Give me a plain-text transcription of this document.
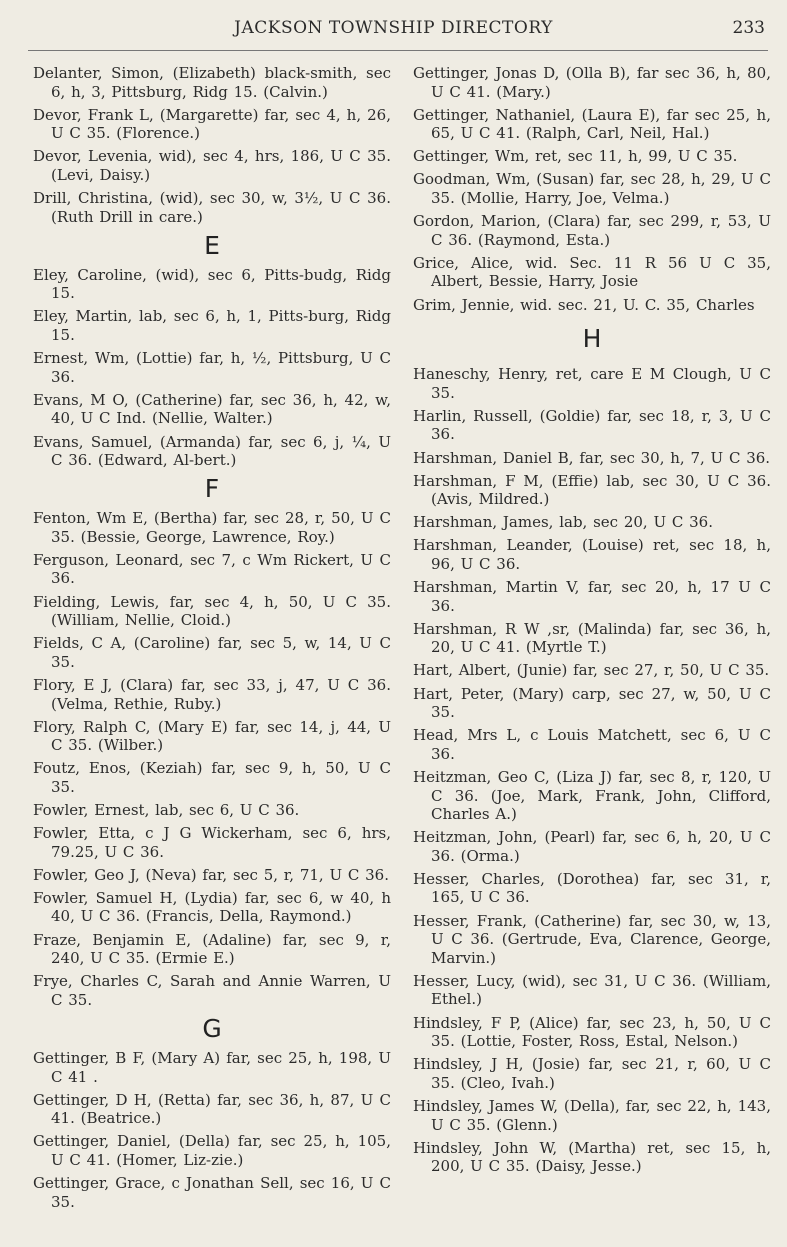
JACKSON TOWNSHIP DIRECTORY	233

Delanter, Simon, (Elizabeth) black-smith, sec 6, h, 3, Pittsburg, Ridg 15. (Calvin.)

Devor, Frank L, (Margarette) far, sec 4, h, 26, U C 35. (Florence.)

Devor, Levenia, wid), sec 4, hrs, 186, U C 35. (Levi, Daisy.)

Drill, Christina, (wid), sec 30, w, 3½, U C 36. (Ruth Drill in care.)

E

Eley, Caroline, (wid), sec 6, Pitts-budg, Ridg 15.

Eley, Martin, lab, sec 6, h, 1, Pitts-burg, Ridg 15.

Ernest, Wm, (Lottie) far, h, ½, Pittsburg, U C 36.

Evans, M O, (Catherine) far, sec 36, h, 42, w, 40, U C Ind. (Nellie, Walter.)

Evans, Samuel, (Armanda) far, sec 6, j, ¼, U C 36. (Edward, Al-bert.)

F

Fenton, Wm E, (Bertha) far, sec 28, r, 50, U C 35. (Bessie, George, Lawrence, Roy.)

Ferguson, Leonard, sec 7, c Wm Rickert, U C 36.

Fielding, Lewis, far, sec 4, h, 50, U C 35. (William, Nellie, Cloid.)

Fields, C A, (Caroline) far, sec 5, w, 14, U C 35.

Flory, E J, (Clara) far, sec 33, j, 47, U C 36. (Velma, Rethie, Ruby.)

Flory, Ralph C, (Mary E) far, sec 14, j, 44, U C 35. (Wilber.)

Foutz, Enos, (Keziah) far, sec 9, h, 50, U C 35.

Fowler, Ernest, lab, sec 6, U C 36.

Fowler, Etta, c J G Wickerham, sec 6, hrs, 79.25, U C 36.

Fowler, Geo J, (Neva) far, sec 5, r, 71, U C 36.

Fowler, Samuel H, (Lydia) far, sec 6, w 40, h 40, U C 36. (Francis, Della, Raymond.)

Fraze, Benjamin E, (Adaline) far, sec 9, r, 240, U C 35. (Ermie E.)

Frye, Charles C, Sarah and Annie Warren, U C 35.

G

Gettinger, B F, (Mary A) far, sec 25, h, 198, U C 41 .

Gettinger, D H, (Retta) far, sec 36, h, 87, U C 41. (Beatrice.)

Gettinger, Daniel, (Della) far, sec 25, h, 105, U C 41. (Homer, Liz-zie.)

Gettinger, Grace, c Jonathan Sell, sec 16, U C 35.

Gettinger, Jonas D, (Olla B), far sec 36, h, 80, U C 41. (Mary.)

Gettinger, Nathaniel, (Laura E), far sec 25, h, 65, U C 41. (Ralph, Carl, Neil, Hal.)

Gettinger, Wm, ret, sec 11, h, 99, U C 35.

Goodman, Wm, (Susan) far, sec 28, h, 29, U C 35. (Mollie, Harry, Joe, Velma.)

Gordon, Marion, (Clara) far, sec 299, r, 53, U C 36. (Raymond, Esta.)

Grice, Alice, wid. Sec. 11 R 56 U C 35, Albert, Bessie, Harry, Josie

Grim, Jennie, wid. sec. 21, U. C. 35, Charles

H

Haneschy, Henry, ret, care E M Clough, U C 35.

Harlin, Russell, (Goldie) far, sec 18, r, 3, U C 36.

Harshman, Daniel B, far, sec 30, h, 7, U C 36.

Harshman, F M, (Effie) lab, sec 30, U C 36. (Avis, Mildred.)

Harshman, James, lab, sec 20, U C 36.

Harshman, Leander, (Louise) ret, sec 18, h, 96, U C 36.

Harshman, Martin V, far, sec 20, h, 17 U C 36.

Harshman, R W ,sr, (Malinda) far, sec 36, h, 20, U C 41. (Myrtle T.)

Hart, Albert, (Junie) far, sec 27, r, 50, U C 35.

Hart, Peter, (Mary) carp, sec 27, w, 50, U C 35.

Head, Mrs L, c Louis Matchett, sec 6, U C 36.

Heitzman, Geo C, (Liza J) far, sec 8, r, 120, U C 36. (Joe, Mark, Frank, John, Clifford, Charles A.)

Heitzman, John, (Pearl) far, sec 6, h, 20, U C 36. (Orma.)

Hesser, Charles, (Dorothea) far, sec 31, r, 165, U C 36.

Hesser, Frank, (Catherine) far, sec 30, w, 13, U C 36. (Gertrude, Eva, Clarence, George, Marvin.)

Hesser, Lucy, (wid), sec 31, U C 36. (William, Ethel.)

Hindsley, F P, (Alice) far, sec 23, h, 50, U C 35. (Lottie, Foster, Ross, Estal, Nelson.)

Hindsley, J H, (Josie) far, sec 21, r, 60, U C 35. (Cleo, Ivah.)

Hindsley, James W, (Della), far, sec 22, h, 143, U C 35. (Glenn.)

Hindsley, John W, (Martha) ret, sec 15, h, 200, U C 35. (Daisy, Jesse.)
